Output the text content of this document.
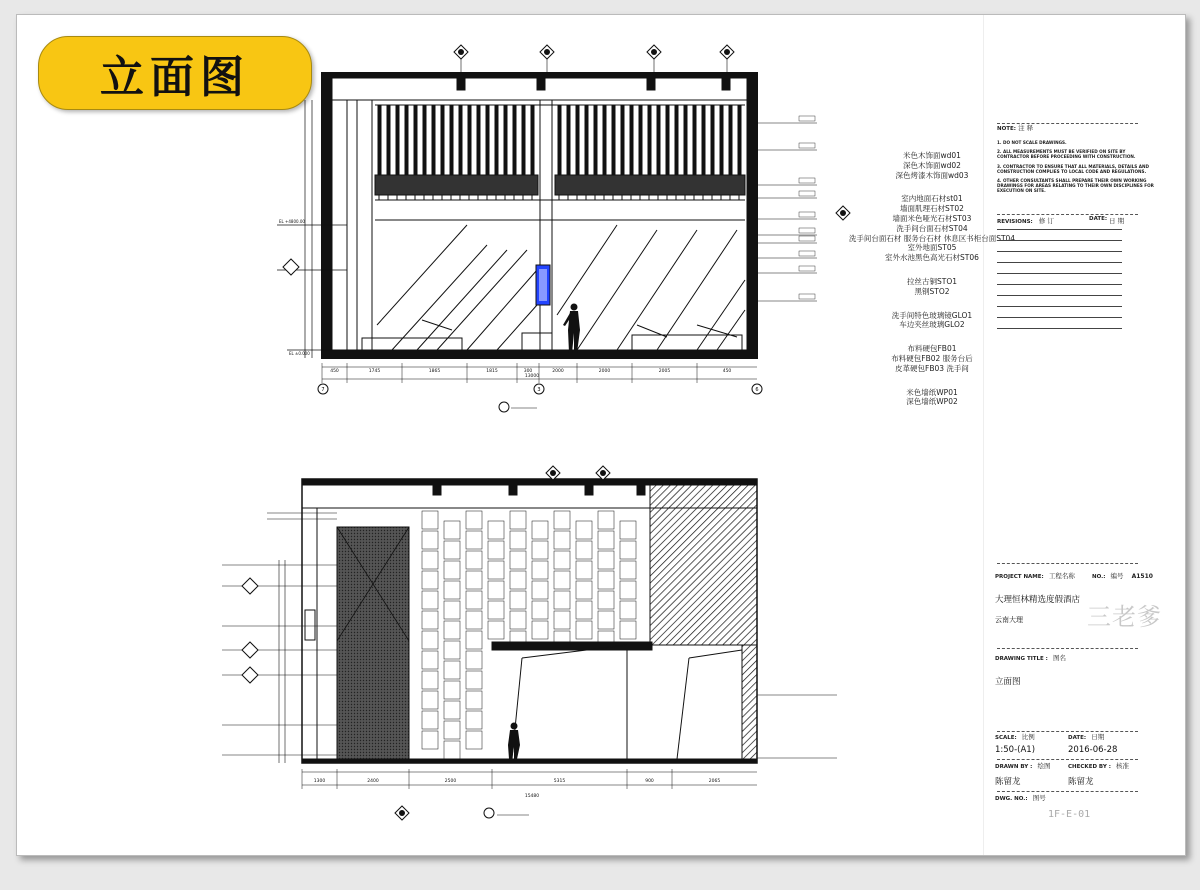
立面图
EL +4800.00
EL ±0.000
450	1745	1865	1815	300	2000	2000	2005	450
13000
7	3	6
1300	2400	2500	5315	900	2065
15480
米色木饰面wd01
深色木饰面wd02
深色烤漆木饰面wd03
室内地面石材st01
墙面肌理石材ST02
墙面米色哑光石材ST03
洗手间台面石材ST04
洗手间台面石材 服务台石材 休息区书柜台面ST04
室外地面ST05
室外水池黑色高光石材ST06
拉丝古铜STO1
黑钢STO2
洗手间特色玻璃镜GLO1
车边夹丝玻璃GLO2
布料硬包FB01
布料硬包FB02 服务台后
皮革硬包FB03 洗手间
米色墙纸WP01
深色墙纸WP02
NOTE: 注 释
1. DO NOT SCALE DRAWINGS.
2. ALL MEASUREMENTS MUST BE VERIFIED ON SITE BY CONTRACTOR BEFORE PROCEEDING WITH CONSTRUCTION.
3. CONTRACTOR TO ENSURE THAT ALL MATERIALS, DETAILS AND CONSTRUCTION COMPLIES TO LOCAL CODE AND REGULATIONS.
4. OTHER CONSULTANTS SHALL PREPARE THEIR OWN WORKING DRAWINGS FOR AREAS RELATING TO THEIR OWN DISCIPLINES FOR EXECUTION ON SITE.
REVISIONS: 修 订	DATE: 日 期
PROJECT NAME: 工程名称	NO.: 编号 A1510
大理恒林精选度假酒店
云南大理
DRAWING TITLE : 图名
立面图
SCALE: 比例	DATE: 日期
1:50-(A1)	2016-06-28
DRAWN BY : 绘图	CHECKED BY : 核准
陈留龙	陈留龙
DWG. NO.: 图号
1F-E-01
三老爹
